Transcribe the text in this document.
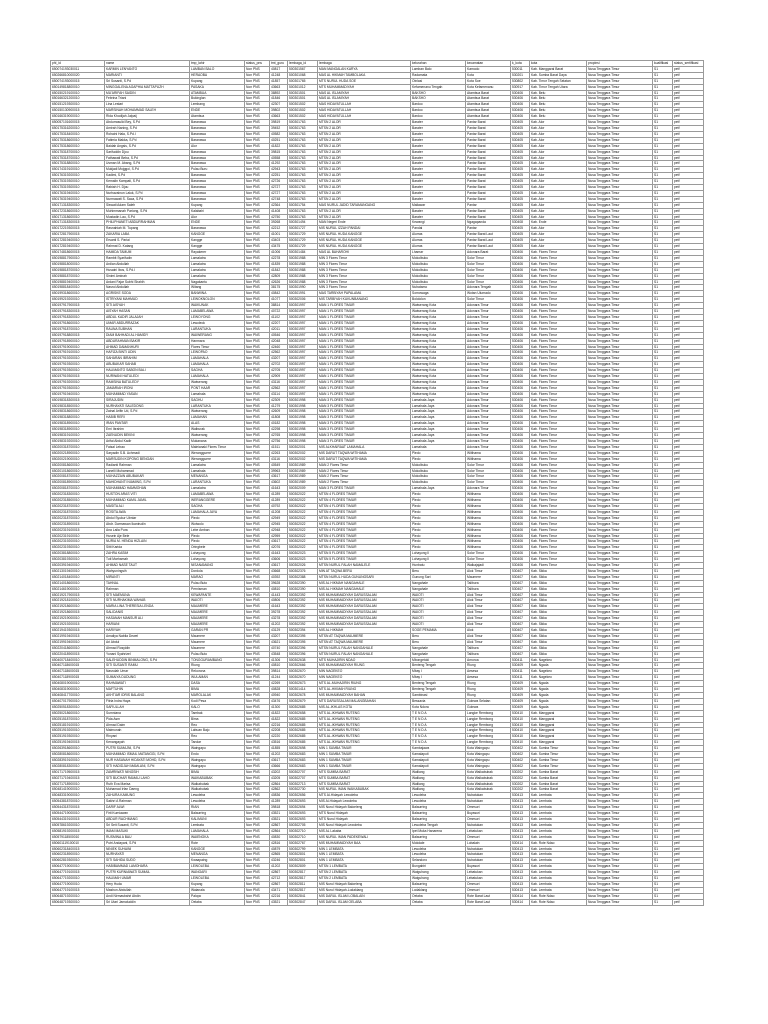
phl_id	name	tmp_lahir	status_pns	tmt_guru	lembaga_id	lembaga	kelurahan	kecamatan	k_kota	kota	propinsi	kualifikasi	status_sertifikasi
650074193030011	KARMIN LENYANTO	LAMBAN BALO	Non PNS	40817	500301567	MAN MANGALAN KARYA	Lamban Balo	Kamodo	530011	Kab. Manggarai Barat	Nusa Tenggara Timur	S1	petf
650266810000020	MARIANTI	HERAOBA	Non PNS	41248	500301068	MAS AL HIKMAH TAMBOLAKA	Radamata	Kota	530201	Kab. Sumba Barat Daya	Nusa Tenggara Timur	S1	petf
650074193000015	Sri Susanti, S.Pd	Kupang	Non PNS	41857	500301765	MTS NURUL HUDA SOE	Oinlasi	Kota Soe	530802	Kab. Timor Tengah Selatan	Nusa Tenggara Timur	S1	petf
650149818800010	MINGGALENA AGAPHIA MATTAPUZH	PASAKA	Non PNS	43663	500301012	MTS MUHAMMADIYAH	Kefamenanu Tengah	Kota Kefamenanu	530917	Kab. Timor Tengah Utara	Nusa Tenggara Timur	S1	petf
650150219100010	MU'ARIFAH SAIDIN	ATAMBUA	Non PNS	38892	500301501	MAS AL ISLAMIYAH	BAKSHO	Atambua Barat	530406	Kab. Belu	Nusa Tenggara Timur	S1	petf
650166321200010	Febrina Triani	Bukinglan	Non PNS	41846	500301501	MAS AL ISLAMIYAH	BAKSHO	Atambua Barat	530406	Kab. Belu	Nusa Tenggara Timur	S1	petf
650151219300010	Lina Lestari	Lembang	Non PNS	42307	500301502	MAS HIDAYATULLAH	Bardoo	Atambua Barat	530406	Kab. Belu	Nusa Tenggara Timur	S1	petf
650150130900015	MARSINAH MOHAMMAD SALEH	ENDE	Non PNS	39802	500301502	MAS HIDAYATULLAH	Bardoo	Atambua Barat	530406	Kab. Belu	Nusa Tenggara Timur	S1	petf
650166319000010	Rida Khodijah Jalpaij	Atambua	Non PNS	43663	500301502	MAS HIDAYATULLAH	Bardoo	Atambua Barat	530406	Kab. Belu	Nusa Tenggara Timur	S1	petf
650057101600015	Abdurrasulid Bey, S.Pd	Baranawa	Non PNS	39819	500301763	MTSN 2 ALOR	Barater	Pantar Barat	530405	Kab. Alor	Nusa Tenggara Timur	S1	petf
650175316200010	Amirah Naning, S.Pd	Baranawa	Non PNS	39452	500301763	MTSN 2 ALOR	Barater	Pantar Barat	530405	Kab. Alor	Nusa Tenggara Timur	S1	petf
650175318400010	Rohaini Hala, S.Pd.I	Baranawa	Non PNS	40582	500301763	MTSN 2 ALOR	Barater	Pantar Barat	530405	Kab. Alor	Nusa Tenggara Timur	S1	petf
650175318600010	Fatimia Makka, S.Pd	Baranawa	Non PNS	40251	500301763	MTSN 2 ALOR	Barater	Pantar Barat	530405	Kab. Alor	Nusa Tenggara Timur	S1	petf
650175318600010	Baidah Angsis, S.Pd	Alor	Non PNS	41822	500301763	MTSN 2 ALOR	Barater	Pantar Barat	530405	Kab. Alor	Nusa Tenggara Timur	S1	petf
650175318700010	Sarifuddin Djou	Baranawa	Non PNS	39815	500301763	MTSN 2 ALOR	Barater	Pantar Barat	530405	Kab. Alor	Nusa Tenggara Timur	S1	petf
650175318700010	Fathawati Beba, S.Pd	Baranawa	Non PNS	40558	500301763	MTSN 2 ALOR	Barater	Pantar Barat	530405	Kab. Alor	Nusa Tenggara Timur	S1	petf
650175318800010	Usman M. Abang, S.Pd	Baranawa	Non PNS	41292	500301763	MTSN 2 ALOR	Barater	Pantar Barat	530405	Kab. Alor	Nusa Tenggara Timur	S1	petf
650174319100010	Mukjadi Mojggoi, S.Pd	Pulau Buru	Non PNS	42943	500301763	MTSN 2 ALOR	Barater	Pantar Barat	530405	Kab. Alor	Nusa Tenggara Timur	S1	petf
650176319200010	Kadimi, S.Pd	Baranawa	Non PNS	42251	500301763	MTSN 2 ALOR	Barater	Pantar Barat	530405	Kab. Alor	Nusa Tenggara Timur	S1	petf
650175319300010	Kemalin Kampati, S.Pd	Baranawa	Non PNS	42726	500301763	MTSN 2 ALOR	Barater	Pantar Barat	530405	Kab. Alor	Nusa Tenggara Timur	S1	petf
650175319300010	Rabiah H. Djou	Baranawa	Non PNS	42727	500301763	MTSN 2 ALOR	Barater	Pantar Barat	530405	Kab. Alor	Nusa Tenggara Timur	S1	petf
650176319400010	Nurhazainun Laluk, S.Pd	Baranawa	Non PNS	42727	500301763	MTSN 2 ALOR	Barater	Pantar Barat	530405	Kab. Alor	Nusa Tenggara Timur	S1	petf
650176319400010	Nurmawati S. Saca, S.Pd	Baranawa	Non PNS	42748	500301763	MTSN 2 ALOR	Barater	Pantar Barat	530405	Kab. Alor	Nusa Tenggara Timur	S1	petf
650171318300010	Siswati Adam Saleh	Kupang	Non PNS	42364	500301754	MAS NURUL JADID TARAMANGANG	Maliawar	Pantar	530405	Kab. Alor	Nusa Tenggara Timur	S1	petf
650172318600010	Muhimmanah Pariong, S.Pd	Kalabahi	Non PNS	41408	500301763	MTSN 2 ALOR	Barater	Pantar Barat	530405	Kab. Alor	Nusa Tenggara Timur	S1	petf
650171318600010	Mustadin Lau, S.Pd	Alor	Non PNS	42750	500301763	MTSN 2 ALOR	Barater	Pantar Barat	530405	Kab. Alor	Nusa Tenggara Timur	S1	petf
650171318300015	PHILIPHANETI ABDURRAHMAN	ENDE	Non PNS	39268	500301494	MAN Negeri Ende	Kewangi	Ngagapanda	530408	Kab. Ende	Nusa Tenggara Timur	S1	petf
650172219300015	Rasnahiah M. Tupang	Baranawa	Non PNS	42212	500301727	MIS NURUL IZZAH PANDAI	Pandai	Pantar	530405	Kab. Alor	Nusa Tenggara Timur	S1	petf
650172817900015	ZAKARIA LABA	KANGGE	Non PNS	41001	500301729	MIS NURUL HUDA KANGGE	Alurras	Pantar Barat Laut	530405	Kab. Alor	Nusa Tenggara Timur	S1	petf
650172819400010	Ersanti S. Pariai	Kangge	Non PNS	43403	500301729	MIS NURUL HUDA KANGGE	Alurras	Pantar Barat Laut	530405	Kab. Alor	Nusa Tenggara Timur	S1	petf
650172819400010	Rahmat D. Katang	Kangge	Non PNS	43475	500301729	MIS NURUL HUDA KANGGE	Alurras	Pantar Barat Laut	530405	Kab. Alor	Nusa Tenggara Timur	S1	petf
650174818600015	HAMIDA TAMUM	Rayakerer	Non PNS	41006	500301484	MAS AL BAHAROHI	Lhamar	Adonara Barat	530406	Kab. Flores Timur	Nusa Tenggara Timur	S1	petf
650198817900010	Rambit Syarifudin	Lamalatra	Non PNS	42278	500301988	MIN 3 Flores Timur	Mokolbuku	Solor Timur	530406	Kab. Flores Timur	Nusa Tenggara Timur	S1	petf
650198818000010	Ardian Abdullah	Lamalatra	Non PNS	41839	500301988	MIN 3 Flores Timur	Mokolbuku	Solor Timur	530406	Kab. Flores Timur	Nusa Tenggara Timur	S1	petf
650198818700010	Husaini Ibos, S.Pd.I	Lamalatra	Non PNS	41842	500301988	MIN 3 Flores Timur	Mokolbuku	Solor Timur	530406	Kab. Flores Timur	Nusa Tenggara Timur	S1	petf
650198818700010	Sinimi Aminah	Lamalatra	Non PNS	42809	500301988	MIN 3 Flores Timur	Mokolbuku	Solor Timur	530406	Kab. Flores Timur	Nusa Tenggara Timur	S1	petf
650198819400010	Ardani Fajar Subhi Shahih	Nagakantu	Non PNS	42626	500301988	MIN 3 Flores Timur	Mokolbuku	Solor Timur	530406	Kab. Flores Timur	Nusa Tenggara Timur	S1	petf
650198818400010	Nasrul Abdullah	Witang	Non PNS	38175	500301990	MIN 3 Flores Timur	Nubatamo	Adonara Tengah	530406	Kab. Flores Timur	Nusa Tenggara Timur	S1	petf
650199318600010	AGRISKE SODA	BANWINA	Non PNS	40842	500301991	MAS TARBIYAH PAPALAMA	Somowaga	Wotan Ulumado	530406	Kab. Flores Timur	Nusa Tenggara Timur	S1	petf
650199219200010	ISTRIYANI MAHMUD	LEWOKNOLON	Non PNS	41077	500302006	MIS TARBIYAH KUKUNBANANG	Bolololon	Solor Timur	530406	Kab. Flores Timur	Nusa Tenggara Timur	S1	petf
650197917900015	SITI AISYAH	WAIKUNAK	Non PNS	38814	500301997	MAN 1 FLORES TIMUR	Waiwerang Kota	Adonara Timur	530406	Kab. Flores Timur	Nusa Tenggara Timur	S1	petf
650197918300015	AISYAH HASAN	LAMABELAWA	Non PNS	40722	500301997	MAN 1 FLORES TIMUR	Waiwerang Kota	Adonara Timur	530406	Kab. Flores Timur	Nusa Tenggara Timur	S1	petf
650197918300010	ABDUL KADIR JALAJAH	LEWOYONG	Non PNS	41102	500301997	MAN 1 FLORES TIMUR	Waiwerang Kota	Adonara Timur	530406	Kab. Flores Timur	Nusa Tenggara Timur	S1	petf
650197918600010	UMAR ABDURRAZAK	Lewoleok	Non PNS	42207	500301997	MAN 1 FLORES TIMUR	Waiwerang Kota	Adonara Timur	530406	Kab. Flores Timur	Nusa Tenggara Timur	S1	petf
650197918700010	RAUNA SUBHAN	LARANTUKA	Non PNS	42011	500301997	MAN 1 FLORES TIMUR	Waiwerang Kota	Adonara Timur	530406	Kab. Flores Timur	Nusa Tenggara Timur	S1	petf
650197918800015	DIAM BAHHADI AL HAMIDY	WAIWERANG	Non PNS	40546	500301997	MAN 1 FLORES TIMUR	Waiwerang Kota	Adonara Timur	530406	Kab. Flores Timur	Nusa Tenggara Timur	S1	petf
650197918900010	ABDURAHMAN BAKIR	Hanmara	Non PNS	42048	500301997	MAN 1 FLORES TIMUR	Waiwerang Kota	Adonara Timur	530406	Kab. Flores Timur	Nusa Tenggara Timur	S1	petf
650197919000010	AHMAD DAMANHURI	Flores Timur	Non PNS	42460	500301997	MAN 1 FLORES TIMUR	Waiwerang Kota	Adonara Timur	530406	Kab. Flores Timur	Nusa Tenggara Timur	S1	petf
650197919100010	HAFIZA BINTI UDIN	LEWOPAO	Non PNS	42562	500301997	MAN 1 FLORES TIMUR	Waiwerang Kota	Adonara Timur	530406	Kab. Flores Timur	Nusa Tenggara Timur	S1	petf
650197919200010	SAHARAN IBRAHIM	LAMAHALA	Non PNS	43207	500301997	MAN 1 FLORES TIMUR	Waiwerang Kota	Adonara Timur	530406	Kab. Flores Timur	Nusa Tenggara Timur	S1	petf
650197919300010	ABUBAKAR SAHAB	LAMAHALA	Non PNS	42702	500301997	MAN 1 FLORES TIMUR	Waiwerang Kota	Adonara Timur	530406	Kab. Flores Timur	Nusa Tenggara Timur	S1	petf
650197919300010	HALIMANTO SABON BALI	SAGHA	Non PNS	42705	500301997	MAN 1 FLORES TIMUR	Waiwerang Kota	Adonara Timur	530406	Kab. Flores Timur	Nusa Tenggara Timur	S1	petf
650197919300015	NURWANI HATULEDI	LAMAHALA	Non PNS	42909	500301997	MAN 1 FLORES TIMUR	Waiwerang Kota	Adonara Timur	530406	Kab. Flores Timur	Nusa Tenggara Timur	S1	petf
650197919200010	RAMSINA BATULEDY	Waiwerang	Non PNS	43116	500301997	MAN 1 FLORES TIMUR	Waiwerang Kota	Adonara Timur	530406	Kab. Flores Timur	Nusa Tenggara Timur	S1	petf
650197919300010	JAMARIAH IRONI	PONT HAAR	Non PNS	42562	500301997	MAN 1 FLORES TIMUR	Waiwerang Kota	Adonara Timur	530406	Kab. Flores Timur	Nusa Tenggara Timur	S1	petf
650197919400010	MUHAMMAD YASAN	Lamahala	Non PNS	43114	500301997	MAN 1 FLORES TIMUR	Waiwerang Kota	Adonara Timur	530406	Kab. Flores Timur	Nusa Tenggara Timur	S1	petf
650198318300015	SIRAJUDIN	SAGHU	Non PNS	42309	500301998	MAN 3 FLORES TIMUR	Lamahala Jaya	Adonara Timur	530406	Kab. Flores Timur	Nusa Tenggara Timur	S1	petf
650198318500010	NURHAYATI SALEDONG	LARANTUKA	Non PNS	41279	500301998	MAN 3 FLORES TIMUR	Lamahala Jaya	Adonara Timur	530406	Kab. Flores Timur	Nusa Tenggara Timur	S1	petf
650198318600010	Zainal Arifin Ud, S.Pd	Waiwerang	Non PNS	42609	500301998	MAN 3 FLORES TIMUR	Lamahala Jaya	Adonara Timur	530406	Kab. Flores Timur	Nusa Tenggara Timur	S1	petf
650198318800010	HABIB RERI	LAMAHAN	Non PNS	41808	500301998	MAN 3 FLORES TIMUR	Lamahala Jaya	Adonara Timur	530406	Kab. Flores Timur	Nusa Tenggara Timur	S1	petf
650198318900010	IRAN PANTAR	ALAS	Non PNS	40182	500301998	MAN 3 FLORES TIMUR	Lamahala Jaya	Adonara Timur	530406	Kab. Flores Timur	Nusa Tenggara Timur	S1	petf
650198318900010	Erni Ibrahim	Waiburak	Non PNS	42298	500301998	MAN 3 FLORES TIMUR	Lamahala Jaya	Adonara Timur	530406	Kab. Flores Timur	Nusa Tenggara Timur	S1	petf
650198319100010	ZAENUDIN BEKINI	Waiwerang	Non PNS	42765	500301998	MAN 3 FLORES TIMUR	Lamahala Jaya	Adonara Timur	530406	Kab. Flores Timur	Nusa Tenggara Timur	S1	petf
650198319200010	Arifai Abdul Kadir	Mukanana	Non PNS	42756	500301998	MAN 3 FLORES TIMUR	Lamahala Jaya	Adonara Timur	530406	Kab. Flores Timur	Nusa Tenggara Timur	S1	petf
650200318700010	Faisal Lebao	Maleianaki Flores Timur	Non PNS	41511	500302001	MIS ALKHAIRAAT LAMAHALA	Lamahala	Adonara Timur	530406	Kab. Flores Timur	Nusa Tenggara Timur	S1	petf
650200218900010	Saryadin S.B. Achmadi	Werangguere	Non PNS	42263	500302002	MIS DARUT TAQWA WITIHAMA	Pledo	Witihama	530406	Kab. Flores Timur	Nusa Tenggara Timur	S1	petf
650200219000010	MARSUDIN KOPONG BENGAN	Werangguere	Non PNS	43116	500302002	MIS DARUT TAQWA WITIHAMA	Pledo	Witihama	530406	Kab. Flores Timur	Nusa Tenggara Timur	S1	petf
650200818600010	Radianti Rahman	Lamalatra	Non PNS	40549	500301989	MAN 2 Flores Timur	Mokolbuku	Solor Timur	530406	Kab. Flores Timur	Nusa Tenggara Timur	S1	petf
650201018600010	Lanelli Muhammad	Lamahala	Non PNS	39963	500301989	MAN 2 Flores Timur	Mokolbuku	Solor Timur	530406	Kab. Flores Timur	Nusa Tenggara Timur	S1	petf
650200818700010	MUHAZZAIN ABUBAKAR	MENANGA	Non PNS	43617	500301989	MAN 2 Flores Timur	Mokolbuku	Solor Timur	530406	Kab. Flores Timur	Nusa Tenggara Timur	S1	petf
650200818900010	MAHIDHANTI NIAMING, S.Pd	LARANTUKA	Non PNS	43602	500301989	MAN 2 Flores Timur	Mokolbuku	Solor Timur	530406	Kab. Flores Timur	Nusa Tenggara Timur	S1	petf
650200818700010	MUHAMMAD HAMMOHAN	Lamalatra	Non PNS	41643	500302009	MAN 3 FLORES TIMUR	Lamahala Jaya	Adonara Timur	530406	Kab. Flores Timur	Nusa Tenggara Timur	S1	petf
650202318300010	HUSTON ARAS VITI	LAMABELAWA	Non PNS	41289	500302022	MTSN 4 FLORES TIMUR	Pledo	Witihama	530406	Kab. Flores Timur	Nusa Tenggara Timur	S1	petf
650202318500010	MUHAMMAD KAMIL JAMIL	WERANGGERE	Non PNS	41289	500302022	MTSN 4 FLORES TIMUR	Pledo	Witihama	530406	Kab. Flores Timur	Nusa Tenggara Timur	S1	petf
650202318700010	MASITA ALI	SAGHA	Non PNS	40792	500302022	MTSN 4 FLORES TIMUR	Pledo	Witihama	530406	Kab. Flores Timur	Nusa Tenggara Timur	S1	petf
650202318700010	ROSITA AWA	LAMAHALA JAYA	Non PNS	41208	500302022	MTSN 4 FLORES TIMUR	Pledo	Witihama	530406	Kab. Flores Timur	Nusa Tenggara Timur	S1	petf
650202318700010	Abdul Syukur Ubniar	Pledo	Non PNS	42949	500302022	MTSN 4 FLORES TIMUR	Pledo	Witihama	530406	Kab. Flores Timur	Nusa Tenggara Timur	S1	petf
650202318900015	Abdr. Darmawan Ikanirudin	Wotwolo	Non PNS	42945	500302022	MTSN 4 FLORES TIMUR	Pledo	Witihama	530406	Kab. Flores Timur	Nusa Tenggara Timur	S1	petf
650202319100015	Ana Laila Pura	Lebe Amban	Non PNS	42948	500302022	MTSN 4 FLORES TIMUR	Pledo	Witihama	530406	Kab. Flores Timur	Nusa Tenggara Timur	S1	petf
650202319100010	Husein Aje Bele	Pledo	Non PNS	42959	500302022	MTSN 4 FLORES TIMUR	Pledo	Witihama	530406	Kab. Flores Timur	Nusa Tenggara Timur	S1	petf
650202319200010	NURIA M. HENDA HIZLAIN	Pledo	Non PNS	43617	500302022	MTSN 4 FLORES TIMUR	Pledo	Witihama	530406	Kab. Flores Timur	Nusa Tenggara Timur	S1	petf
650202319300010	Sitti Karida	Oringbele	Non PNS	42076	500302022	MTSN 4 FLORES TIMUR	Pledo	Witihama	530406	Kab. Flores Timur	Nusa Tenggara Timur	S1	petf
650203818800010	ZAHRA KASIM	Lohayong	Non PNS	41643	500302023	MTSN 5 FLORES TIMUR	Lohayong II	Solor Timur	530406	Kab. Flores Timur	Nusa Tenggara Timur	S1	petf
650203819300010	Tuti Marhamah	Lohayong	Non PNS	43606	500302023	MTSN 5 FLORES TIMUR	Lohayong II	Solor Timur	530406	Kab. Flores Timur	Nusa Tenggara Timur	S1	petf
650203919400010	AHMAD NASE TAUT	NISANAMANG	Non PNS	43617	500302026	MTSN NURUL FALAH NAMALELE	Hunbatu	Waikajajadi	530406	Kab. Flores Timur	Nusa Tenggara Timur	S1	petf
650213019400010	Wahyuningsih	Dordola	Non PNS	43668	500302376	MIN AT TAQWA BERU	Beru	Alok Timur	530407	Kab. Sikka	Nusa Tenggara Timur	S1	petf
650214018400010	MIRANTI	MARAO	Non PNS	40392	500302388	MTSN NURUL HUDA GUNUNGSARI	Gunung Sari	Maumere	530407	Kab. Sikka	Nusa Tenggara Timur	S1	petf
650214018600010	TAHNAL	Pulau Buto	Non PNS	39628	500302390	MIS AL HIKMAH NANGAHALE	Nangahale	Talibura	530407	Kab. Sikka	Nusa Tenggara Timur	S1	petf
650214619000010	Rahman	Pernisman	Non PNS	40810	500302390	MIS AL HIKMAH NANGAHALE	Nangahale	Talibura	530407	Kab. Sikka	Nusa Tenggara Timur	S1	petf
650219217900015	SITI MAEMUNA	KEWAPANTE	Non PNS	41443	500302392	MIS MUHAMMADIYAH DARUSSALAM	WAIOTI	Alok Timur	530407	Kab. Sikka	Nusa Tenggara Timur	S1	petf
650219218100010	SITI NURHAKIMA WAHAB	WAIOTI	Non PNS	40806	500302392	MIS MUHAMMADIYAH DARUSSALAM	WAIOTI	Alok Timur	530407	Kab. Sikka	Nusa Tenggara Timur	S1	petf
650219218600010	MARIA LINA THERESIA LENDA	MAUMERE	Non PNS	41643	500302392	MIS MUHAMMADIYAH DARUSSALAM	WAIOTI	Alok Timur	530407	Kab. Sikka	Nusa Tenggara Timur	S1	petf
650219218600015	SALIDANIS	MAUMERE	Non PNS	39278	500302392	MIS MUHAMMADIYAH DARUSSALAM	WAIOTI	Alok Timur	530407	Kab. Sikka	Nusa Tenggara Timur	S1	petf
650219219000010	HASANAH MANSUR ALI	MAUMERE	Non PNS	43278	500302392	MIS MUHAMMADIYAH DARUSSALAM	WAIOTI	Alok Timur	530407	Kab. Sikka	Nusa Tenggara Timur	S1	petf
650219219200015	HARIANI	MAUMERE	Non PNS	41202	500302392	MIS MUHAMMADIYAH DARUSSALAM	WAIOTI	Alok Timur	530407	Kab. Sikka	Nusa Tenggara Timur	S1	petf
650219419300015	HARIYAH	GARAN PR	Non PNS	43129	500302394	MIS AL HIKMAH	SOGE PEMAMA	Alok	530407	Kab. Sikka	Nusa Tenggara Timur	S1	petf
650219919400015	Amaliya Nabila Dewel	Maumere	Non PNS	43207	500302395	MTSN AT TAQWA MAUMERE	Beru	Alok Timur	530407	Kab. Sikka	Nusa Tenggara Timur	S1	petf
650219919400010	Ari Abdul	Maumere	Non PNS	43621	500302395	MTSN AT TAQWA MAUMERE	Beru	Alok Timur	530407	Kab. Sikka	Nusa Tenggara Timur	S1	petf
650220418600010	Ahmad Rosyidin	Maumere	Non PNS	40740	500302396	MTSN NURUL FALAH NANGAHALE	Nangahale	Talibura	530407	Kab. Sikka	Nusa Tenggara Timur	S1	petf
650220418900015	Yunani Syahrizel	Pulau Buto	Non PNS	43548	500302396	MTSN NURUL FALAH NANGAHALE	Nangahale	Talibura	530407	Kab. Sikka	Nusa Tenggara Timur	S1	petf
650400718400010	SALEHUDDIN BINMALONG, S.Pd	TONGGURAMBANG	Non PNS	41306	500302638	MTS MUHAJIRIN NDAO	Mbongetoki	Amoroa	530411	Kab. Nagekeo	Nusa Tenggara Timur	S1	petf
650407118600015	SITI SUSANTI RAMU	Riung	Non PNS	40810	500302666	MIS MUHAMMADIYAH RIUNG	Benteng Tengah	Riung	530409	Kab. Ngada	Nusa Tenggara Timur	S1	petf
650407118600015	Nasrulah Umar	Rekorona	Non PNS	39814	500302670	MIN NAGEKEO	Mbay I	Aesesa	530411	Kab. Nagekeo	Nusa Tenggara Timur	S1	petf
650407118900015	SUMAIYA DUDUNG	WULAMAN	Non PNS	41244	500302670	MIN NAGEKEO	Mbay I	Aesesa	530411	Kab. Nagekeo	Nusa Tenggara Timur	S1	petf
650408019000010	RAHMAWATI	DASA	Non PNS	42269	500302673	MTS AL-MUHAJIRIN RIUNG	Benteng Tengah	Riung	530409	Kab. Ngada	Nusa Tenggara Timur	S1	petf
650408319000010	MAFTUHIN	BIMA	Non PNS	40828	500301414	MTS AL-HIKMAH RIUNG	Benteng Tengah	Riung	530409	Kab. Ngada	Nusa Tenggara Timur	S1	petf
650408417700010	AKHTIAR IDRIS BALANG	MAROLALAK	Non PNS	40940	500302678	MIS MUHAMMADIYAH BAHAN	Sambinasi	Riung	530409	Kab. Ngada	Nusa Tenggara Timur	S1	petf
650407017900010	Fitria Indra Haya	Kodi Pesa	Non PNS	43476	500302679	MTS DARUSSALAM MALANGBAHAN	Bessavia	Golewa Selatan	530409	Kab. Ngada	Nusa Tenggara Timur	S1	petf
650250518300010	SAFIULLAH	KALO	Non PNS	41300	500302685	MIS AL-IKHLAS KOTA	Kota Ndora	Golewa	530409	Kab. Ngada	Nusa Tenggara Timur	S1	petf
650250218600010	Sumniana	Tambak	Non PNS	41822	500302658	MTS AL-IKHWAN RUTENG	T E N D A	Langke Rembong	530410	Kab. Manggarai	Nusa Tenggara Timur	S1	petf
650251518700010	Pida Asm	Bima	Non PNS	41822	500302685	MTS AL-IKHWAN RUTENG	T E N D A	Langke Rembong	530410	Kab. Manggarai	Nusa Tenggara Timur	S1	petf
650251819100010	Ahmad Daim	Reo	Non PNS	42216	500302685	MTS AL-IKHWAN RUTENG	T E N D A	Langke Rembong	530410	Kab. Manggarai	Nusa Tenggara Timur	S1	petf
650251919200010	Maimunah	Labuan Bajo	Non PNS	42208	500302685	MTS AL-IKHWAN RUTENG	T E N D A	Langke Rembong	530410	Kab. Manggarai	Nusa Tenggara Timur	S1	petf
650251919300010	Rinyani	Reo	Non PNS	42220	500302685	MTS AL-IKHWAN RUTENG	T E N D A	Langke Rembong	530410	Kab. Manggarai	Nusa Tenggara Timur	S1	petf
650251919400015	Kenangayah	Tandar	Non PNS	43516	500302685	MTS AL-IKHWAN RUTENG	T E N D A	Langke Rembong	530410	Kab. Manggarai	Nusa Tenggara Timur	S1	petf
650263918600010	PUTRI SUMAJNI, S.Pd	Waingapu	Non PNS	41855	500302698	MIN 1 SUMBA TIMUR	Kambajawa	Kota Waingapu	530402	Kab. Sumba Timur	Nusa Tenggara Timur	S1	petf
650280818600010	MUHAMMAD ISMAIL MATANGGI, S.Pd	Endo	Non PNS	41202	500302683	MIN 1 SUMBA TIMUR	Kamalaputi	Kota Waingapu	530402	Kab. Sumba Timur	Nusa Tenggara Timur	S1	petf
650283919100010	NUR HASANAH HIDAYATI MOHD, S.Pd	Waingapu	Non PNS	43617	500302683	MIN 1 SUMBA TIMUR	Kamalaputi	Kota Waingapu	530402	Kab. Sumba Timur	Nusa Tenggara Timur	S1	petf
650280818300010	SITI HADIDJAH MAMLANI, S.Pd	Waingapu	Non PNS	43666	500302683	MIN 1 SUMBA TIMUR	Kamalaputi	Kota Waingapu	530402	Kab. Sumba Timur	Nusa Tenggara Timur	S1	petf
650171719500015	ZAMRIWATI NINGSIH	BIMA	Non PNS	43202	500302707	MTS SUMBA BARAT	Wailiang	Kota Waikabubak	530202	Kab. Sumba Barat	Nusa Tenggara Timur	S1	petf
650271719400015	SITI BUCHAR RAMAU LAHO	WAIKABUBAK	Non PNS	43205	500302707	MTS SUMBA BARAT	Wailiang	Kota Waikabubak	530202	Kab. Sumba Barat	Nusa Tenggara Timur	S1	petf
650271718900010	Ruth Eva Marisa	Waikabubak	Non PNS	42864	500302713	MTS SUMBA BARAT	Wailiang	Kota Waikabubak	530202	Kab. Sumba Barat	Nusa Tenggara Timur	S1	petf
650481419000010	Muhamad Irfan Daeng	Waikabubak	Non PNS	42862	500302730	MIS NURUL IMAN WAIKABUBAK	Wailiang	Kota Waikabubak	530202	Kab. Sumba Barat	Nusa Tenggara Timur	S1	petf
650483319000010	ZAHURA KAMUNG	Lewoleba	Non PNS	40836	500302656	MTS Al-Hidayah Lewoleba	Lewoleba	Nubatukan	530413	Kab. Lembata	Nusa Tenggara Timur	S1	petf
650543818700010	Sakhri A Rahman	Lewoleba	Non PNS	41289	500302693	MIS Al-Hidayah Lewoleba	Lewoleba	Nubatukan	530413	Kab. Lembata	Nusa Tenggara Timur	S1	petf
650544318700015	DARIF ALWI	RIAN	Non PNS	39818	500302694	MIS Nurul Hidayah Baloeleng	Balaurring	Omesuri	530413	Kab. Lembata	Nusa Tenggara Timur	S1	petf
650544719000010	Firti Kurniawan	Balaurring	Non PNS	43521	500302693	MTS Nurul Hidayah	Balaurring	Buyasuri	530413	Kab. Lembata	Nusa Tenggara Timur	S1	petf
650544319100015	ABDUR RACHMANG	KALIMUNI	Non PNS	43521	500302693	MTS Nurul Hidayah	Balaurring	Omesuri	530413	Kab. Lembata	Nusa Tenggara Timur	S1	petf
650578619200010	Sri Seit Susanti, S.Pd	Lembata	Non PNS	42867	500302705	MIS Nurul Hidayah Lewoleba	Lewoleba Tengah	Nubatukan	530413	Kab. Lembata	Nusa Tenggara Timur	S1	petf
650581919200015	IMAM MASUKI	LAMAHALA	Non PNS	42864	500302710	MIS AL Lakaba	Ipet Muka Hanarena	Lebatukan	530413	Kab. Lembata	Nusa Tenggara Timur	S1	petf
650579118500010	RUSMINA A BAU	WAIENGKA	Non PNS	40830	500302710	MIS NURUL IMAN PADEKEWALI	Balaurring	Omesuri	530413	Kab. Lembata	Nusa Tenggara Timur	S1	petf
650601119100010	Putri Andayani, S.Pd	Rote	Non PNS	42816	500302767	MIS MUHAMMADIYAH BAA	Mokdale	Lobalain	530414	Kab. Rote Ndao	Nusa Tenggara Timur	S1	petf
650602318400015	NINIEK SUHAINI	KANGGE	Non PNS	40879	500302799	MIN 1 LEMBATA	Lewoleba	Nubatukan	530413	Kab. Lembata	Nusa Tenggara Timur	S1	petf
650602318900010	NURHAYATI	MENANGA	Non PNS	42865	500302801	MIN 1 LEMBATA	Lewoleba	Nubatukan	530413	Kab. Lembata	Nusa Tenggara Timur	S1	petf
650602819300010	SITI SAHIDA SUDO	Kwaapaing	Non PNS	43246	500302801	MIN 1 LEMBATA	Selandoro	Nubatukan	530413	Kab. Lembata	Nusa Tenggara Timur	S1	petf
650647719000010	HABIBAMMAD LAMOHARA	LEWOLEBA	Non PNS	41202	500302809	MTSN 1 LEMBATA	Bungabiri	Buyasuri	530413	Kab. Lembata	Nusa Tenggara Timur	S1	petf
650647719100015	PUTRI KURNIAWATI SUMAIL	WANGARI	Non PNS	42867	500302817	MTSN 2 LEMBATA	Waiguhang	Lebatukan	530413	Kab. Lembata	Nusa Tenggara Timur	S1	petf
650647719200010	HALIMAH UMAR	LEWOLEBA	Non PNS	42712	500302817	MTSN 2 LEMBATA	Waiguhang	Lebatukan	530413	Kab. Lembata	Nusa Tenggara Timur	S1	petf
650647719000010	Hery Huda	Kupang	Non PNS	42867	500302811	MIS Nurul Hidayah Baloeleng	Balaurring	Omesuri	530413	Kab. Lembata	Nusa Tenggara Timur	S1	petf
650647719100015	Mashun Abdullah	Waianala	Non PNS	43471	500302817	MIS Nurul Hidayah-Lodaklang	Lodaklang	Omesuri	530413	Kab. Lembata	Nusa Tenggara Timur	S1	petf
650648719200010	Andi Nirmasbahri Abdin	Palopo	Non PNS	42216	500302841	MIS DARUL ISLAM LOBALAIN	Oelaba	Rote Barat Laut	530414	Kab. Rote Ndao	Nusa Tenggara Timur	S1	petf
650648719300010	Sri Utari Jamaluddin	Oelaba	Non PNS	43521	500302847	MIS DARUL ISLAM OELABA	Oelaba	Rote Barat Laut	530414	Kab. Rote Ndao	Nusa Tenggara Timur	S1	petf
